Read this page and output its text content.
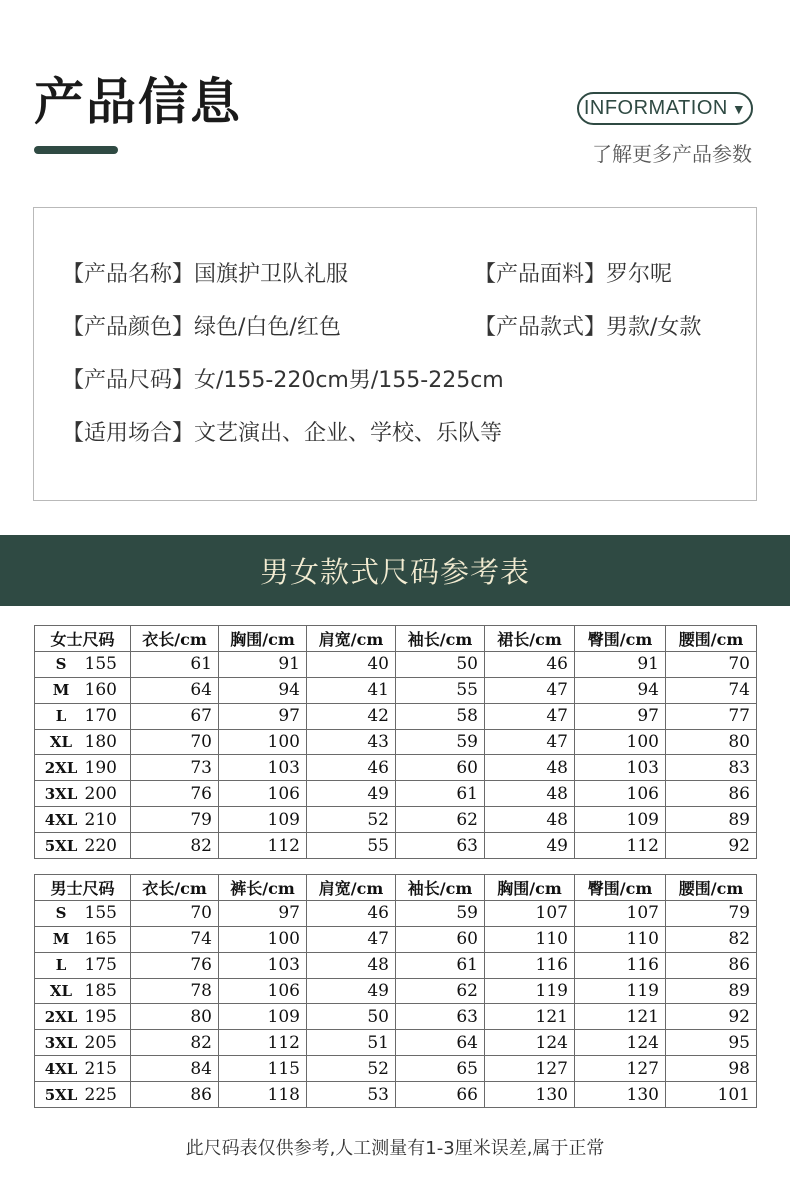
产品信息	INFORMATION ▼
了解更多产品参数
【产品名称】国旗护卫队礼服	【产品面料】罗尔呢
【产品颜色】绿色/白色/红色	【产品款式】男款/女款
【产品尺码】女/155-220cm男/155-225cm
【适用场合】文艺演出、企业、学校、乐队等
男女款式尺码参考表
女士尺码	衣长/cm	胸围/cm	肩宽/cm	袖长/cm	裙长/cm	臀围/cm	腰围/cm
S 155	61	91	40	50	46	91	70
M 160	64	94	41	55	47	94	74
L 170	67	97	42	58	47	97	77
XL 180	70	100	43	59	47	100	80
2XL 190	73	103	46	60	48	103	83
3XL 200	76	106	49	61	48	106	86
4XL 210	79	109	52	62	48	109	89
5XL 220	82	112	55	63	49	112	92
男士尺码	衣长/cm	裤长/cm	肩宽/cm	袖长/cm	胸围/cm	臀围/cm	腰围/cm
S 155	70	97	46	59	107	107	79
M 165	74	100	47	60	110	110	82
L 175	76	103	48	61	116	116	86
XL 185	78	106	49	62	119	119	89
2XL 195	80	109	50	63	121	121	92
3XL 205	82	112	51	64	124	124	95
4XL 215	84	115	52	65	127	127	98
5XL 225	86	118	53	66	130	130	101
此尺码表仅供参考,人工测量有1-3厘米误差,属于正常
